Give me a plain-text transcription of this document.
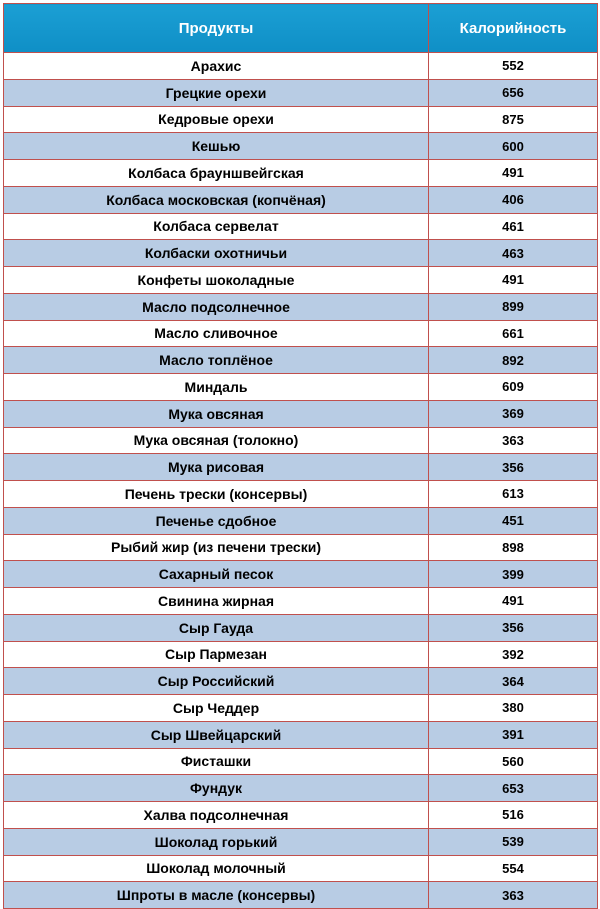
Продукты	Калорийность
Арахис	552
Грецкие орехи	656
Кедровые орехи	875
Кешью	600
Колбаса брауншвейгская	491
Колбаса московская (копчёная)	406
Колбаса сервелат	461
Колбаски охотничьи	463
Конфеты шоколадные	491
Масло подсолнечное	899
Масло сливочное	661
Масло топлёное	892
Миндаль	609
Мука овсяная	369
Мука овсяная (толокно)	363
Мука рисовая	356
Печень трески (консервы)	613
Печенье сдобное	451
Рыбий жир (из печени трески)	898
Сахарный песок	399
Свинина жирная	491
Сыр Гауда	356
Сыр Пармезан	392
Сыр Российский	364
Сыр Чеддер	380
Сыр Швейцарский	391
Фисташки	560
Фундук	653
Халва подсолнечная	516
Шоколад горький	539
Шоколад молочный	554
Шпроты в масле (консервы)	363
